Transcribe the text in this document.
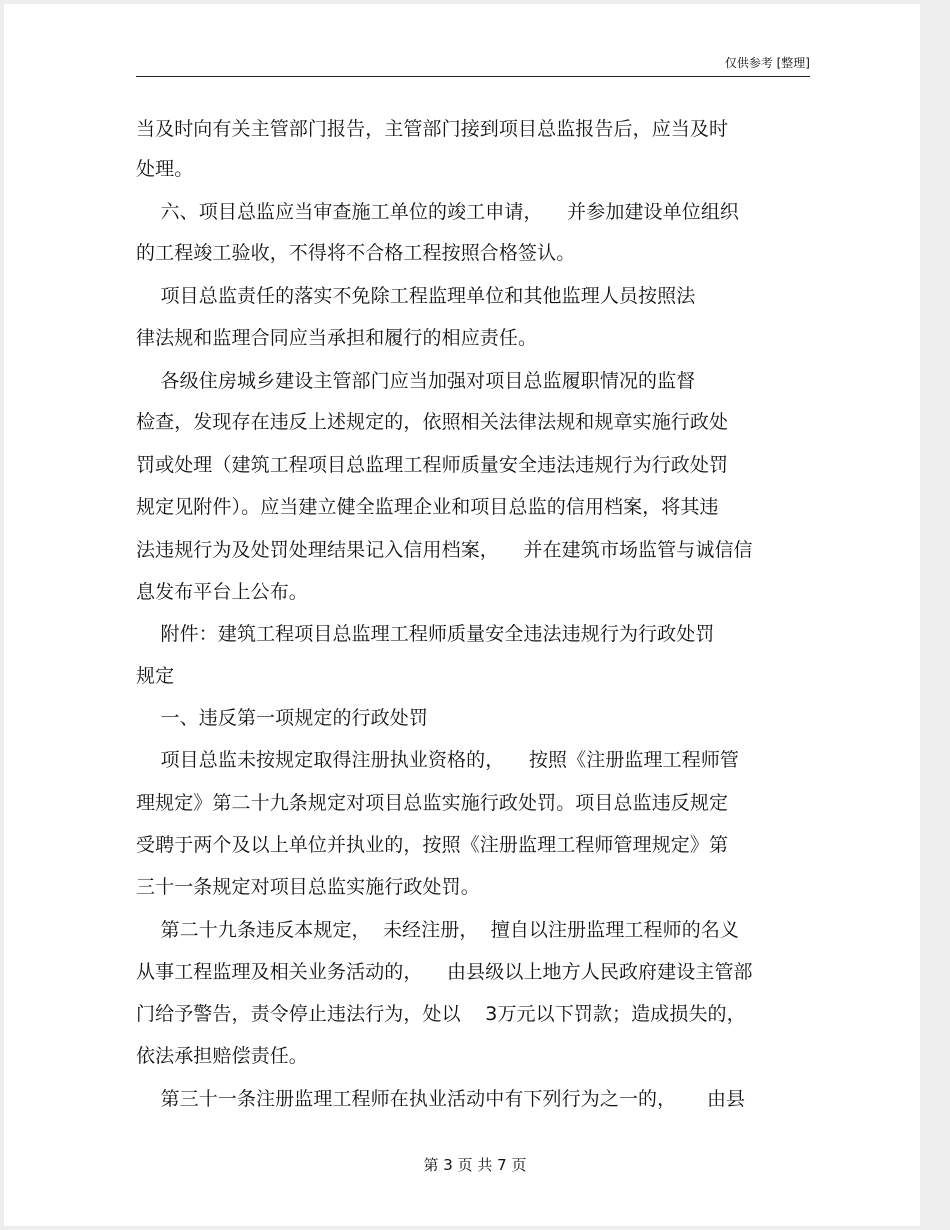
仅供参考 [整理]
当及时向有关主管部门报告，主管部门接到项目总监报告后，应当及时
处理。
六、项目总监应当审查施工单位的竣工申请，    并参加建设单位组织
的工程竣工验收，不得将不合格工程按照合格签认。
项目总监责任的落实不免除工程监理单位和其他监理人员按照法
律法规和监理合同应当承担和履行的相应责任。
各级住房城乡建设主管部门应当加强对项目总监履职情况的监督
检查，发现存在违反上述规定的，依照相关法律法规和规章实施行政处
罚或处理（建筑工程项目总监理工程师质量安全违法违规行为行政处罚
规定见附件）。应当建立健全监理企业和项目总监的信用档案，将其违
法违规行为及处罚处理结果记入信用档案，    并在建筑市场监管与诚信信
息发布平台上公布。
附件：建筑工程项目总监理工程师质量安全违法违规行为行政处罚
规定
一、违反第一项规定的行政处罚
项目总监未按规定取得注册执业资格的，    按照《注册监理工程师管
理规定》第二十九条规定对项目总监实施行政处罚。项目总监违反规定
受聘于两个及以上单位并执业的，按照《注册监理工程师管理规定》第
三十一条规定对项目总监实施行政处罚。
第二十九条违反本规定，  未经注册，  擅自以注册监理工程师的名义
从事工程监理及相关业务活动的，    由县级以上地方人民政府建设主管部
门给予警告，责令停止违法行为，处以    3万元以下罚款；造成损失的，
依法承担赔偿责任。
第三十一条注册监理工程师在执业活动中有下列行为之一的，     由县
第 3 页 共 7 页
